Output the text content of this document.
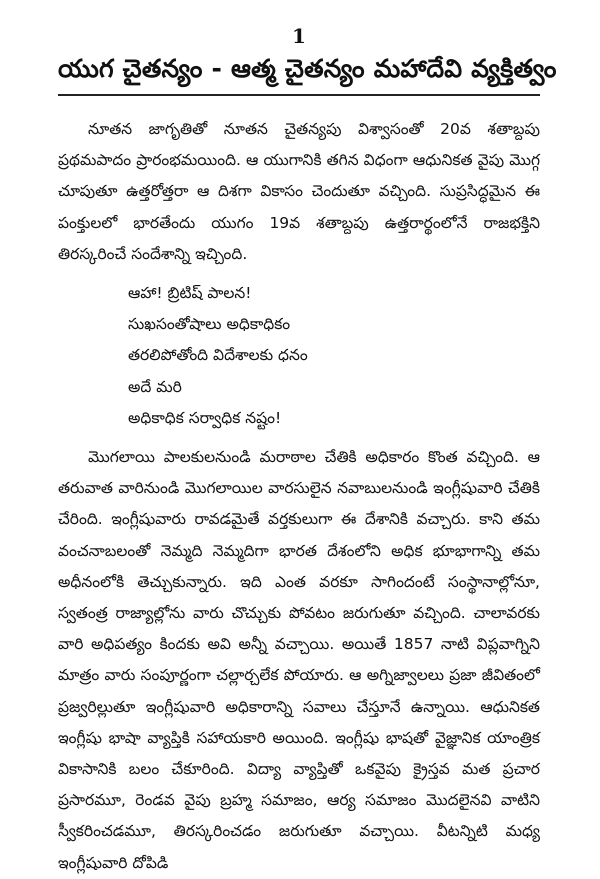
1
యుగ చైతన్యం - ఆత్మ చైతన్యం మహాదేవి వ్యక్తిత్వం

నూతన జాగృతితో నూతన చైతన్యపు విశ్వాసంతో 20వ శతాబ్దపు ప్రథమపాదం ప్రారంభమయింది. ఆ యుగానికి తగిన విధంగా ఆధునికత వైపు మొగ్గ చూపుతూ ఉత్తరోత్తరా ఆ దిశగా వికాసం చెందుతూ వచ్చింది. సుప్రసిద్ధమైన ఈ పంక్తులలో భారతేందు యుగం 19వ శతాబ్దపు ఉత్తరార్థంలోనే రాజభక్తిని తిరస్కరించే సందేశాన్ని ఇచ్చింది.

ఆహా! బ్రిటిష్ పాలన!
సుఖసంతోషాలు అధికాధికం
తరలిపోతోంది విదేశాలకు ధనం
అదే మరి
అధికాధిక సర్వాధిక నష్టం!

మొగలాయి పాలకులనుండి మరాఠాల చేతికి అధికారం కొంత వచ్చింది. ఆ తరువాత వారినుండి మొగలాయిల వారసులైన నవాబులనుండి ఇంగ్లీషువారి చేతికి చేరింది. ఇంగ్లీషువారు రావడమైతే వర్తకులుగా ఈ దేశానికి వచ్చారు. కాని తమ వంచనాబలంతో నెమ్మది నెమ్మదిగా భారత దేశంలోని అధిక భూభాగాన్ని తమ అధీనంలోకి తెచ్చుకున్నారు. ఇది ఎంత వరకూ సాగిందంటే సంస్థానాల్లోనూ, స్వతంత్ర రాజ్యాల్లోను వారు చొచ్చుకు పోవటం జరుగుతూ వచ్చింది. చాలావరకు వారి అధిపత్యం కిందకు అవి అన్నీ వచ్చాయి. అయితే 1857 నాటి విప్లవాగ్నిని మాత్రం వారు సంపూర్ణంగా చల్లార్చలేక పోయారు. ఆ అగ్నిజ్వాలలు ప్రజా జీవితంలో ప్రజ్వరిల్లుతూ ఇంగ్లీషువారి అధికారాన్ని సవాలు చేస్తూనే ఉన్నాయి. ఆధునికత ఇంగ్లీషు భాషా వ్యాప్తికి సహాయకారి అయింది. ఇంగ్లీషు భాషతో వైజ్ఞానిక యాంత్రిక వికాసానికి బలం చేకూరింది. విద్యా వ్యాప్తితో ఒకవైపు క్రైస్తవ మత ప్రచార ప్రసారమూ, రెండవ వైపు బ్రహ్మ సమాజం, ఆర్య సమాజం మొదలైనవి వాటిని స్వీకరించడమూ, తిరస్కరించడం జరుగుతూ వచ్చాయి. వీటన్నిటి మధ్య ఇంగ్లీషువారి దోపిడి
